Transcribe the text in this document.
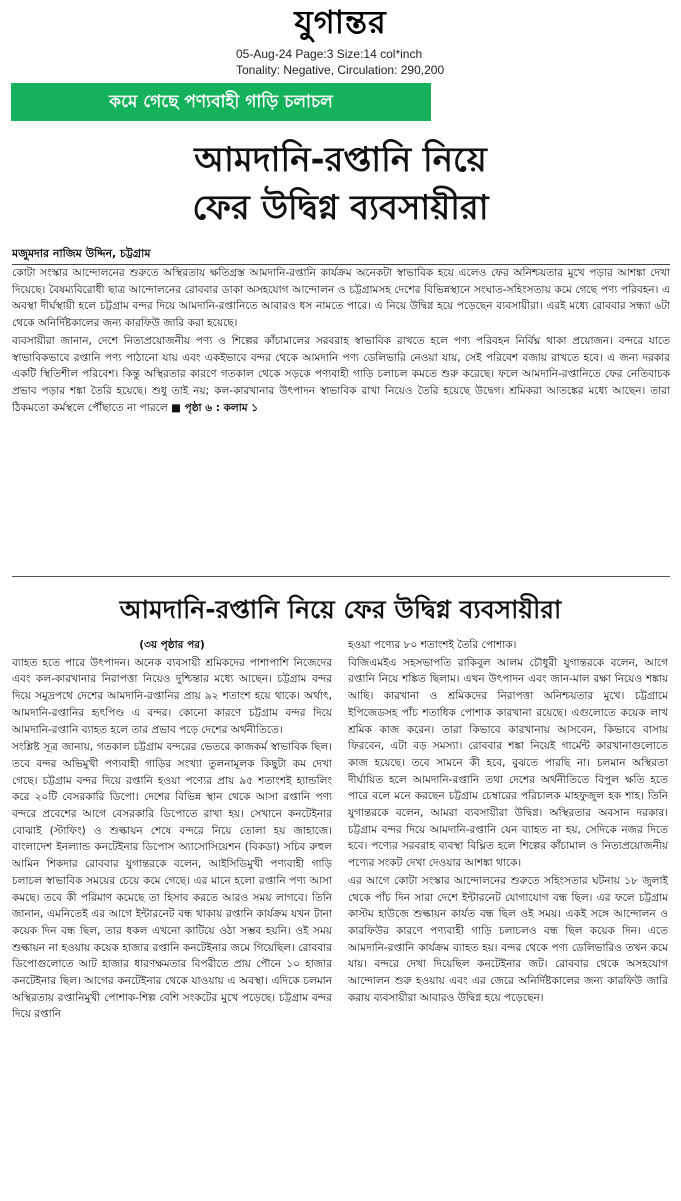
যুগান্তর
05-Aug-24 Page:3 Size:14 col*inch
Tonality: Negative, Circulation: 290,200
কমে গেছে পণ্যবাহী গাড়ি চলাচল
আমদানি-রপ্তানি নিয়ে
ফের উদ্বিগ্ন ব্যবসায়ীরা
মজুমদার নাজিম উদ্দিন, চট্টগ্রাম

কোটা সংস্কার আন্দোলনের শুরুতে অস্থিরতায় ক্ষতিগ্রস্ত আমদানি-রপ্তানি কার্যক্রম অনেকটা স্বাভাবিক হয়ে এলেও ফের অনিশ্চয়তার মুখে পড়ার আশঙ্কা দেখা দিয়েছে। বৈষম্যবিরোধী ছাত্র আন্দোলনের রোববার ডাকা অসহযোগ আন্দোলন ও চট্টগ্রামসহ দেশের বিভিন্নস্থানে সংঘাত-সহিংসতায় কমে গেছে পণ্য পরিবহন। এ অবস্থা দীর্ঘস্থায়ী হলে চট্টগ্রাম বন্দর দিয়ে আমদানি-রপ্তানিতে আবারও ধস নামতে পারে। এ নিয়ে উদ্বিগ্ন হয়ে পড়েছেন ব্যবসায়ীরা। এরই মধ্যে রোববার সন্ধ্যা ৬টা থেকে অনির্দিষ্টকালের জন্য কারফিউ জারি করা হয়েছে।

ব্যবসায়ীরা জানান, দেশে নিত্যপ্রয়োজনীয় পণ্য ও শিল্পের কাঁচামালের সরবরাহ স্বাভাবিক রাখতে হলে পণ্য পরিবহন নির্বিঘ্ন থাকা প্রয়োজন। বন্দরে যাতে স্বাভাবিকভাবে রপ্তানি পণ্য পাঠানো যায় এবং একইভাবে বন্দর থেকে আমদানি পণ্য ডেলিভারি নেওয়া যায়, সেই পরিবেশ বজায় রাখতে হবে। এ জন্য দরকার একটি স্থিতিশীল পরিবেশ। কিন্তু অস্থিরতার কারণে গতকাল থেকে সড়কে পণ্যবাহী গাড়ি চলাচল কমতে শুরু করেছে। ফলে আমদানি-রপ্তানিতে ফের নেতিবাচক প্রভাব পড়ার শঙ্কা তৈরি হয়েছে। শুধু তাই নয়; কল-কারখানার উৎপাদন স্বাভাবিক রাখা নিয়েও তৈরি হয়েছে উদ্বেগ। শ্রমিকরা আতঙ্কের মধ্যে আছেন। তারা ঠিকমতো কর্মস্থলে পৌঁছাতে না পারলে ■ পৃষ্ঠা ৬ : কলাম ১

আমদানি-রপ্তানি নিয়ে ফের উদ্বিগ্ন ব্যবসায়ীরা

(৩য় পৃষ্ঠার পর)

ব্যাহত হতে পারে উৎপাদন। অনেক ব্যবসায়ী শ্রমিকদের পাশাপাশি নিজেদের এবং কল-কারখানার নিরাপত্তা নিয়েও দুশ্চিন্তার মধ্যে আছেন। চট্টগ্রাম বন্দর দিয়ে সমুদ্রপথে দেশের আমদানি-রপ্তানির প্রায় ৯২ শতাংশ হয়ে থাকে। অর্থাৎ, আমদানি-রপ্তানির হৃৎপিণ্ড এ বন্দর। কোনো কারণে চট্টগ্রাম বন্দর দিয়ে আমদানি-রপ্তানি ব্যাহত হলে তার প্রভাব পড়ে দেশের অর্থনীতিতে।

সংশ্লিষ্ট সূত্র জানায়, গতকাল চট্টগ্রাম বন্দরের ভেতরে কাজকর্ম স্বাভাবিক ছিল। তবে বন্দর অভিমুখী পণ্যবাহী গাড়ির সংখ্যা তুলনামূলক কিছুটা কম দেখা গেছে। চট্টগ্রাম বন্দর দিয়ে রপ্তানি হওয়া পণ্যের প্রায় ৯৫ শতাংশই হ্যান্ডলিং করে ২০টি বেসরকারি ডিপো। দেশের বিভিন্ন স্থান থেকে আসা রপ্তানি পণ্য বন্দরে প্রবেশের আগে বেসরকারি ডিপোতে রাখা হয়। সেখানে কনটেইনার বোঝাই (স্টাফিং) ও শুল্কায়ন শেষে বন্দরে নিয়ে তোলা হয় জাহাজে। বাংলাদেশ ইনল্যান্ড কনটেইনার ডিপোস অ্যাসোসিয়েশন (বিকডা) সচিব রুহুল আমিন শিকদার রোববার যুগান্তরকে বলেন, আইসিডিমুখী পণ্যবাহী গাড়ি চলাচল স্বাভাবিক সময়ের চেয়ে কমে গেছে। এর মানে হলো রপ্তানি পণ্য আসা কমছে। তবে কী পরিমাণ কমেছে তা হিসাব করতে আরও সময় লাগবে। তিনি জানান, এমনিতেই এর আগে ইন্টারনেট বন্ধ থাকায় রপ্তানি কার্যক্রম যখন টানা কয়েক দিন বন্ধ ছিল, তার ধকল এখনো কাটিয়ে ওঠা সম্ভব হয়নি। ওই সময় শুল্কায়ন না হওয়ায় কয়েক হাজার রপ্তানি কনটেইনার জমে গিয়েছিল। রোববার ডিপোগুলোতে আট হাজার ধারণক্ষমতার বিপরীতে প্রায় পৌনে ১০ হাজার কনটেইনার ছিল। আগের কনটেইনার থেকে যাওয়ায় এ অবস্থা। এদিকে চলমান অস্থিরতায় রপ্তানিমুখী পোশাক-শিল্প বেশি সংকটের মুখে পড়েছে। চট্টগ্রাম বন্দর দিয়ে রপ্তানি

হওয়া পণ্যের ৮০ শতাংশই তৈরি পোশাক।

বিজিএমইএ সহসভাপতি রাকিবুল আলম চৌধুরী যুগান্তরকে বলেন, আগে রপ্তানি নিয়ে শঙ্কিত ছিলাম। এখন উৎপাদন এবং জান-মাল রক্ষা নিয়েও শঙ্কায় আছি। কারখানা ও শ্রমিকদের নিরাপত্তা অনিশ্চয়তার মুখে। চট্টগ্রামে ইপিজেডসহ পাঁচ শতাধিক পোশাক কারখানা রয়েছে। এগুলোতে কয়েক লাখ শ্রমিক কাজ করেন। তারা কিভাবে কারখানায় আসবেন, কিভাবে বাসায় ফিরবেন, এটা বড় সমস্যা। রোববার শঙ্কা নিয়েই গার্মেন্ট কারখানাগুলোতে কাজ হয়েছে। তবে সামনে কী হবে, বুঝতে পারছি না। চলমান অস্থিরতা দীর্ঘায়িত হলে আমদানি-রপ্তানি তথা দেশের অর্থনীতিতে বিপুল ক্ষতি হতে পারে বলে মনে করছেন চট্টগ্রাম চেম্বারের পরিচালক মাহফুজুল হক শাহ। তিনি যুগান্তরকে বলেন, আমরা ব্যবসায়ীরা উদ্বিগ্ন। অস্থিরতার অবসান দরকার। চট্টগ্রাম বন্দর দিয়ে আমদানি-রপ্তানি যেন ব্যাহত না হয়, সেদিকে নজর দিতে হবে। পণ্যের সরবরাহ ব্যবস্থা বিঘ্নিত হলে শিল্পের কাঁচামাল ও নিত্যপ্রয়োজনীয় পণ্যের সংকট দেখা দেওয়ার আশঙ্কা থাকে।

এর আগে কোটা সংস্কার আন্দোলনের শুরুতে সহিংসতার ঘটনায় ১৮ জুলাই থেকে পাঁচ দিন সারা দেশে ইন্টারনেট যোগাযোগ বন্ধ ছিল। এর ফলে চট্টগ্রাম কাস্টম হাউজে শুল্কায়ন কার্যত বন্ধ ছিল ওই সময়। একই সঙ্গে আন্দোলন ও কারফিউর কারণে পণ্যবাহী গাড়ি চলাচলও বন্ধ ছিল কয়েক দিন। এতে আমদানি-রপ্তানি কার্যক্রম ব্যাহত হয়। বন্দর থেকে পণ্য ডেলিভারিও তখন কমে যায়। বন্দরে দেখা দিয়েছিল কনটেইনার জট। রোববার থেকে অসহযোগ আন্দোলন শুরু হওয়ায় এবং এর জেরে অনির্দিষ্টকালের জন্য কারফিউ জারি করায় ব্যবসায়ীরা আবারও উদ্বিগ্ন হয়ে পড়েছেন।
